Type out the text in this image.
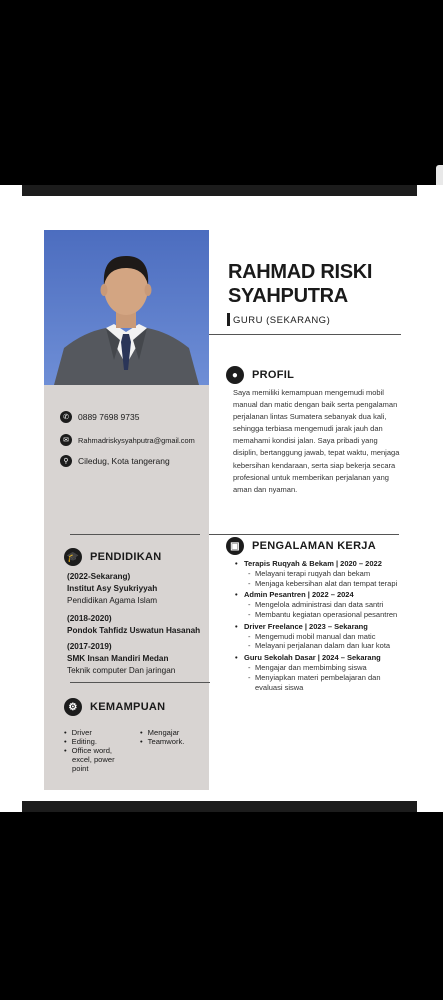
✆	0889 7698 9735
✉	Rahmadriskysyahputra@gmail.com
⚲	Ciledug, Kota tangerang
RAHMAD RISKI
SYAHPUTRA
GURU (SEKARANG)
●	PROFIL
Saya memiliki kemampuan mengemudi mobil manual dan matic dengan baik serta pengalaman perjalanan lintas Sumatera sebanyak dua kali, sehingga terbiasa mengemudi jarak jauh dan memahami kondisi jalan. Saya pribadi yang disiplin, bertanggung jawab, tepat waktu, menjaga kebersihan kendaraan, serta siap bekerja secara profesional untuk memberikan perjalanan yang aman dan nyaman.
🎓 PENDIDIKAN
(2022-Sekarang)
Institut Asy Syukriyyah
Pendidikan Agama Islam
(2018-2020)
Pondok Tahfidz Uswatun Hasanah
(2017-2019)
SMK Insan Mandiri Medan
Teknik computer Dan jaringan
⚙	KEMAMPUAN
• Driver
• Editing.
• Office word, excel, power point
• Mengajar
• Teamwork.
▣	PENGALAMAN KERJA
• Terapis Ruqyah & Bekam | 2020 – 2022
- Melayani terapi ruqyah dan bekam
- Menjaga kebersihan alat dan tempat terapi
• Admin Pesantren | 2022 – 2024
- Mengelola administrasi dan data santri
- Membantu kegiatan operasional pesantren
• Driver Freelance | 2023 – Sekarang
- Mengemudi mobil manual dan matic
- Melayani perjalanan dalam dan luar kota
• Guru Sekolah Dasar | 2024 – Sekarang
- Mengajar dan membimbing siswa
- Menyiapkan materi pembelajaran dan evaluasi siswa
